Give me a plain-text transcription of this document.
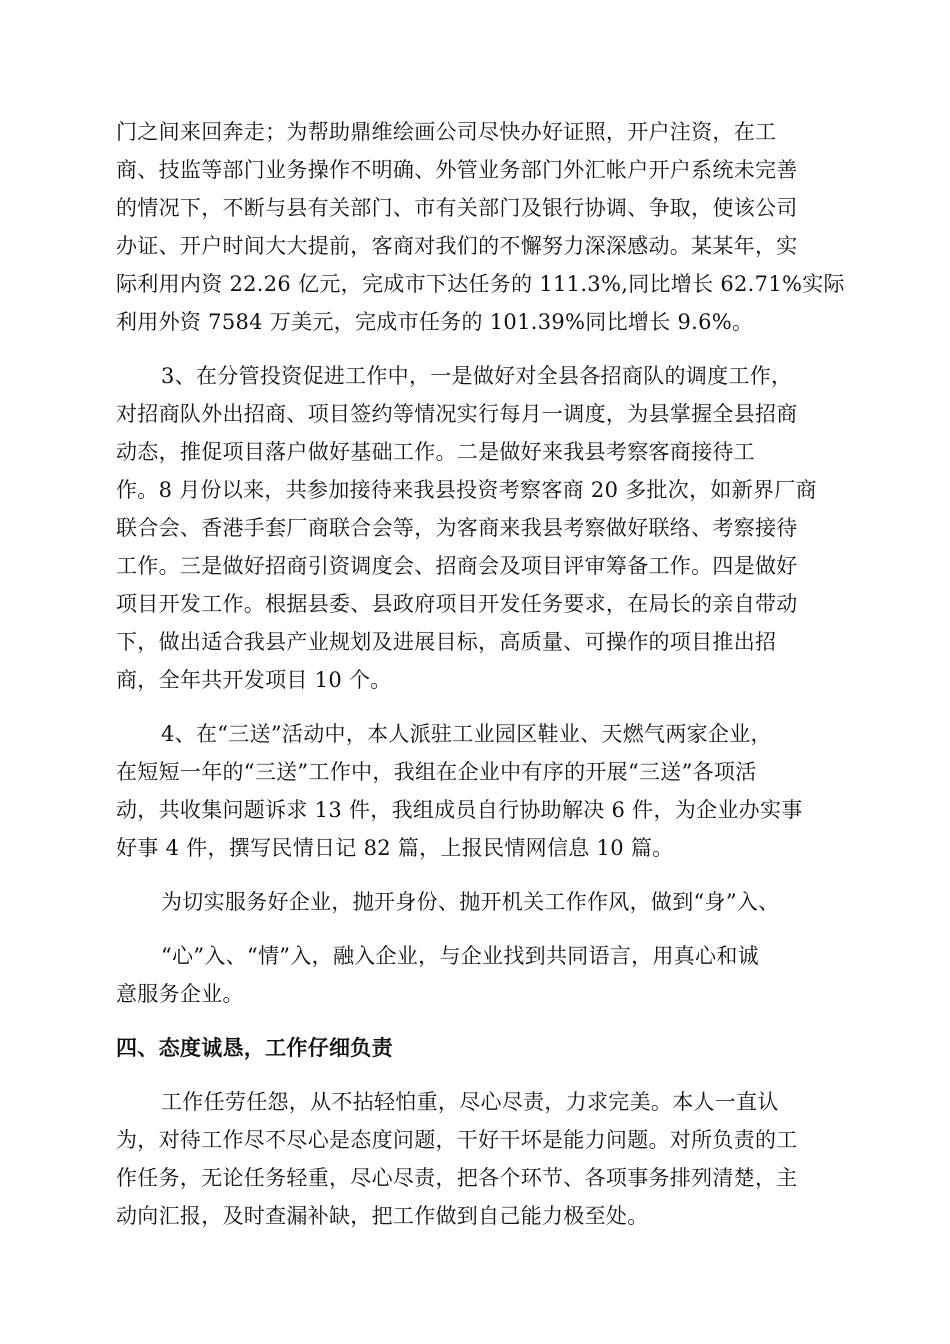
门之间来回奔走；为帮助鼎维绘画公司尽快办好证照，开户注资，在工
商、技监等部门业务操作不明确、外管业务部门外汇帐户开户系统未完善
的情况下，不断与县有关部门、市有关部门及银行协调、争取，使该公司
办证、开户时间大大提前，客商对我们的不懈努力深深感动。某某年，实
际利用内资 22.26 亿元，完成市下达任务的 111.3%,同比增长 62.71%实际
利用外资 7584 万美元，完成市任务的 101.39%同比增长 9.6%。
3、在分管投资促进工作中，一是做好对全县各招商队的调度工作，
对招商队外出招商、项目签约等情况实行每月一调度，为县掌握全县招商
动态，推促项目落户做好基础工作。二是做好来我县考察客商接待工
作。8 月份以来，共参加接待来我县投资考察客商 20 多批次，如新界厂商
联合会、香港手套厂商联合会等，为客商来我县考察做好联络、考察接待
工作。三是做好招商引资调度会、招商会及项目评审筹备工作。四是做好
项目开发工作。根据县委、县政府项目开发任务要求，在局长的亲自带动
下，做出适合我县产业规划及进展目标，高质量、可操作的项目推出招
商，全年共开发项目 10 个。
4、在“三送”活动中，本人派驻工业园区鞋业、天燃气两家企业，
在短短一年的“三送”工作中，我组在企业中有序的开展“三送”各项活
动，共收集问题诉求 13 件，我组成员自行协助解决 6 件，为企业办实事
好事 4 件，撰写民情日记 82 篇，上报民情网信息 10 篇。
为切实服务好企业，抛开身份、抛开机关工作作风，做到“身”入、
“心”入、“情”入，融入企业，与企业找到共同语言，用真心和诚
意服务企业。
四、态度诚恳，工作仔细负责
工作任劳任怨，从不拈轻怕重，尽心尽责，力求完美。本人一直认
为，对待工作尽不尽心是态度问题，干好干坏是能力问题。对所负责的工
作任务，无论任务轻重，尽心尽责，把各个环节、各项事务排列清楚，主
动向汇报，及时查漏补缺，把工作做到自己能力极至处。
